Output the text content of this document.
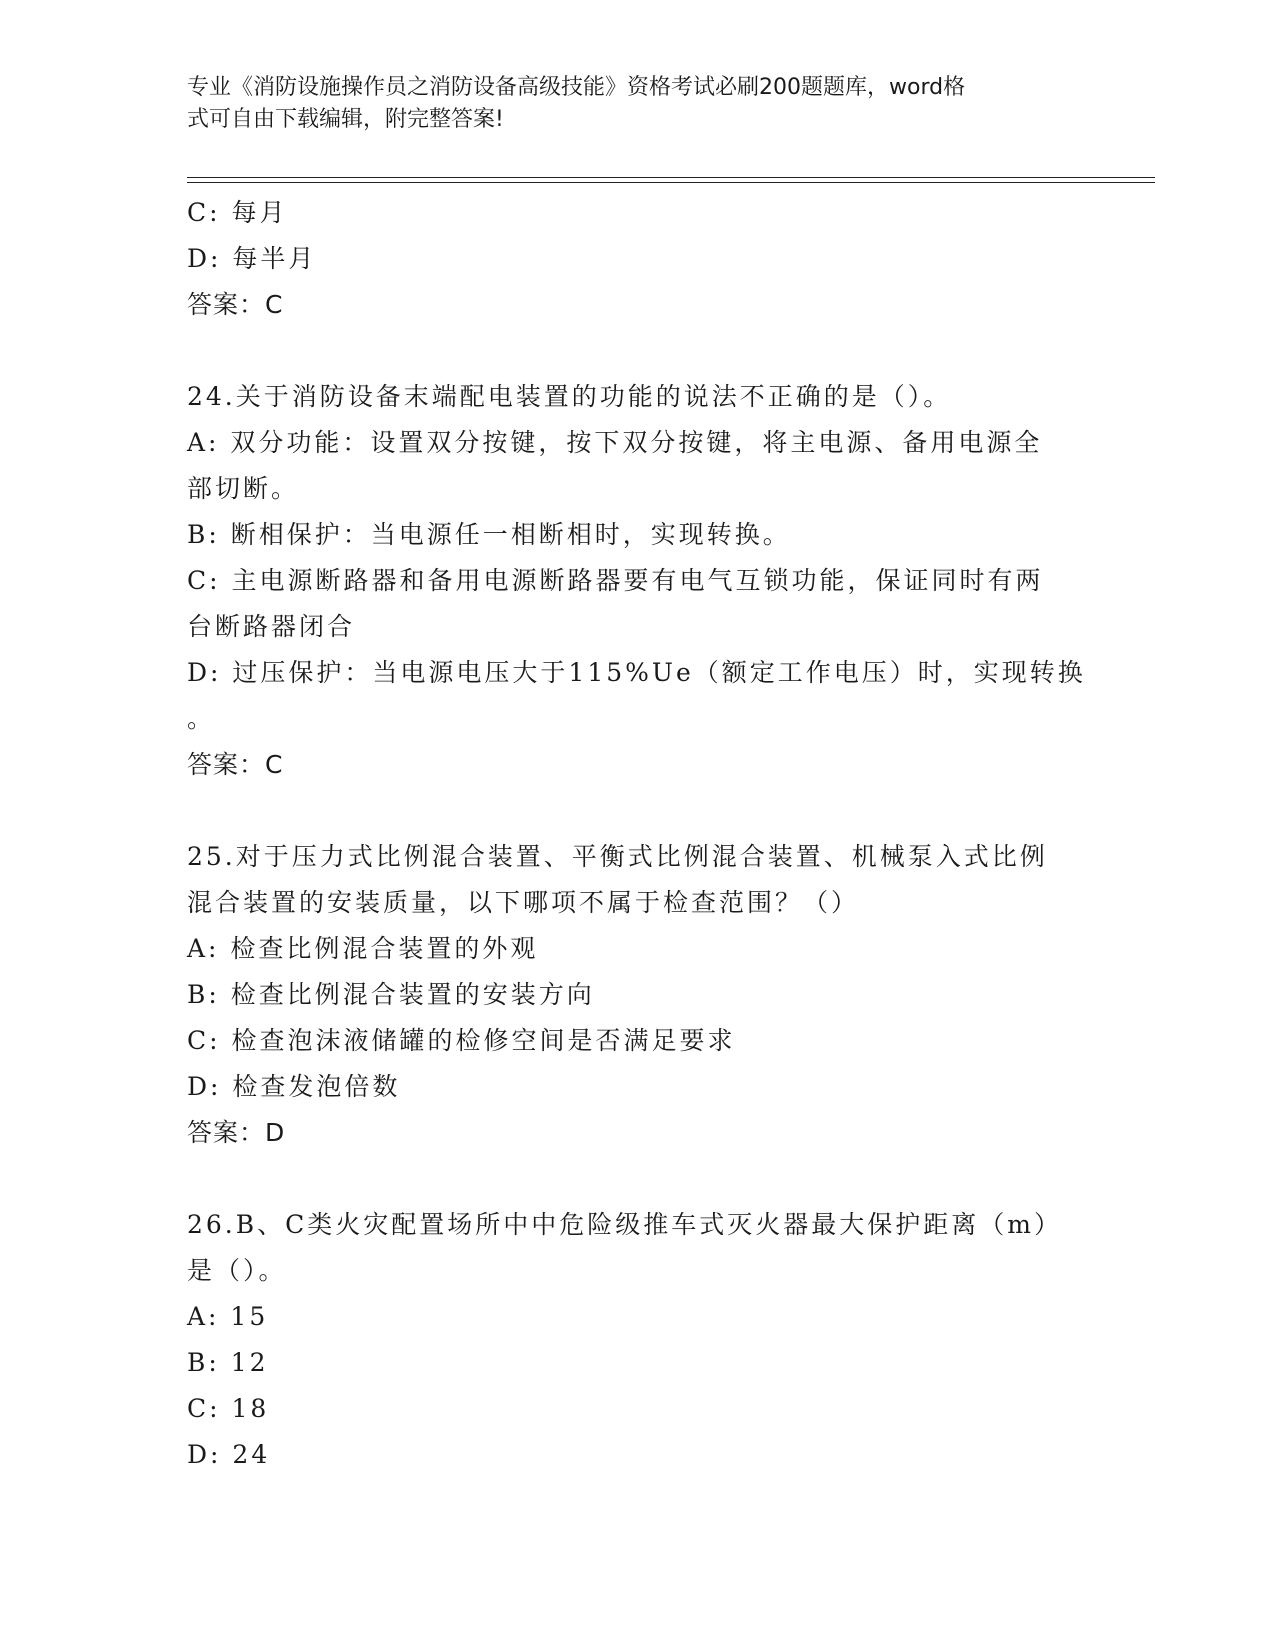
专业《消防设施操作员之消防设备高级技能》资格考试必刷200题题库，word格
式可自由下载编辑，附完整答案!

C: 每月

D: 每半月

答案：C

24.关于消防设备末端配电装置的功能的说法不正确的是（）。

A: 双分功能：设置双分按键，按下双分按键，将主电源、备用电源全

部切断。

B: 断相保护：当电源任一相断相时，实现转换。

C: 主电源断路器和备用电源断路器要有电气互锁功能，保证同时有两

台断路器闭合

D: 过压保护：当电源电压大于115%Ue（额定工作电压）时，实现转换

。

答案：C

25.对于压力式比例混合装置、平衡式比例混合装置、机械泵入式比例

混合装置的安装质量，以下哪项不属于检查范围？（）

A: 检查比例混合装置的外观

B: 检查比例混合装置的安装方向

C: 检查泡沫液储罐的检修空间是否满足要求

D: 检查发泡倍数

答案：D

26.B、C类火灾配置场所中中危险级推车式灭火器最大保护距离（m）

是（）。

A: 15

B: 12

C: 18

D: 24
